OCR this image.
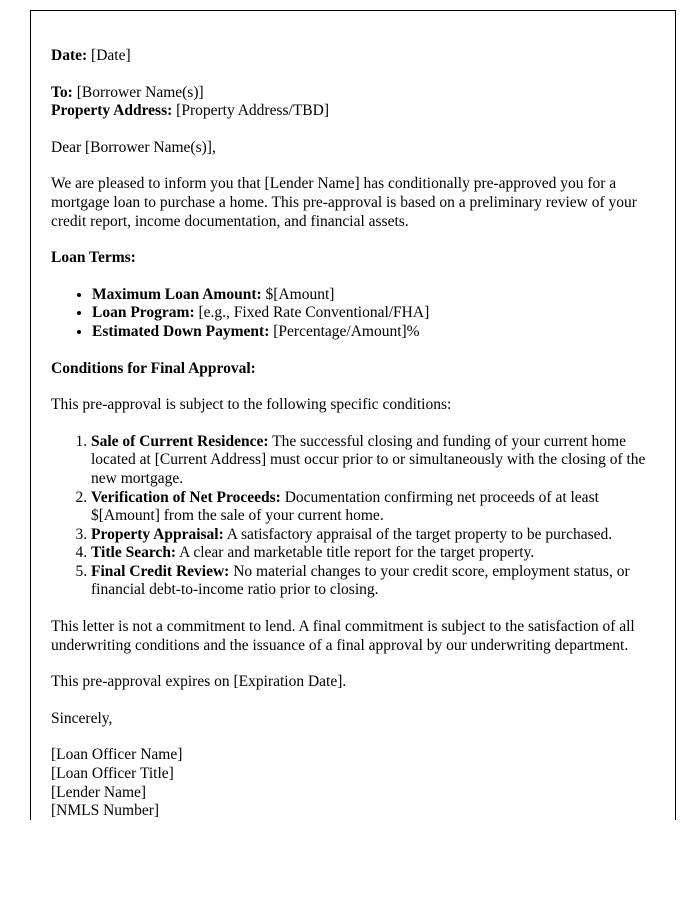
Date: [Date]

To: [Borrower Name(s)]
Property Address: [Property Address/TBD]

Dear [Borrower Name(s)],

We are pleased to inform you that [Lender Name] has conditionally pre-approved you for a mortgage loan to purchase a home. This pre-approval is based on a preliminary review of your credit report, income documentation, and financial assets.

Loan Terms:

• Maximum Loan Amount: $[Amount]
• Loan Program: [e.g., Fixed Rate Conventional/FHA]
• Estimated Down Payment: [Percentage/Amount]%

Conditions for Final Approval:

This pre-approval is subject to the following specific conditions:

1. Sale of Current Residence: The successful closing and funding of your current home located at [Current Address] must occur prior to or simultaneously with the closing of the new mortgage.
2. Verification of Net Proceeds: Documentation confirming net proceeds of at least $[Amount] from the sale of your current home.
3. Property Appraisal: A satisfactory appraisal of the target property to be purchased.
4. Title Search: A clear and marketable title report for the target property.
5. Final Credit Review: No material changes to your credit score, employment status, or financial debt-to-income ratio prior to closing.

This letter is not a commitment to lend. A final commitment is subject to the satisfaction of all underwriting conditions and the issuance of a final approval by our underwriting department.

This pre-approval expires on [Expiration Date].

Sincerely,

[Loan Officer Name]
[Loan Officer Title]
[Lender Name]
[NMLS Number]
